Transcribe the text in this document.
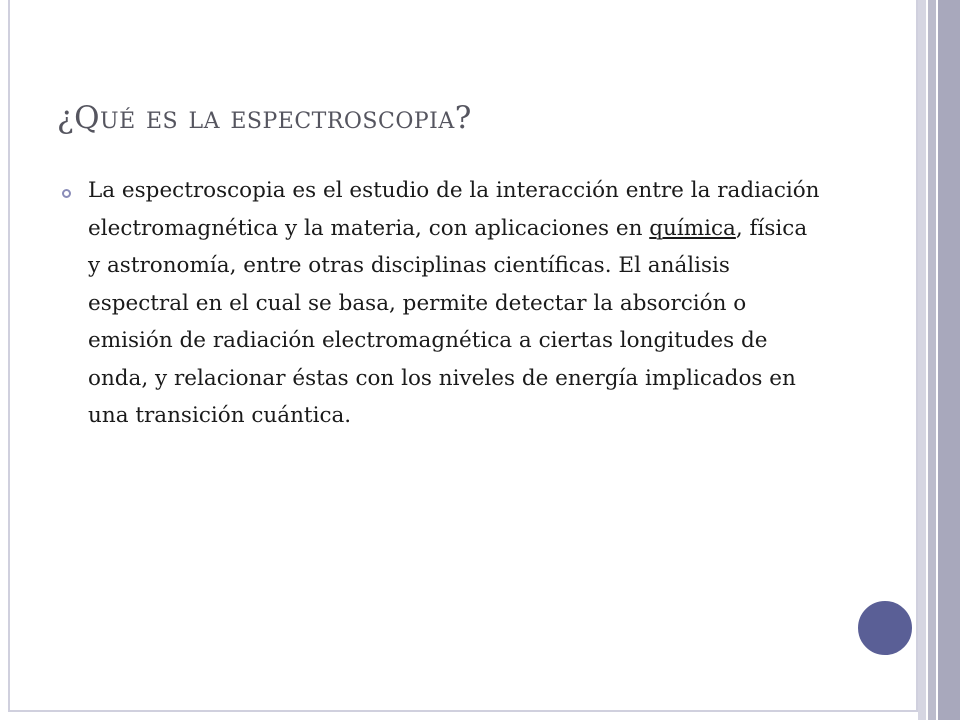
¿Qué es la espectroscopia?

La espectroscopia es el estudio de la interacción entre la radiación electromagnética y la materia, con aplicaciones en química, física y astronomía, entre otras disciplinas científicas. El análisis espectral en el cual se basa, permite detectar la absorción o emisión de radiación electromagnética a ciertas longitudes de onda, y relacionar éstas con los niveles de energía implicados en una transición cuántica.
